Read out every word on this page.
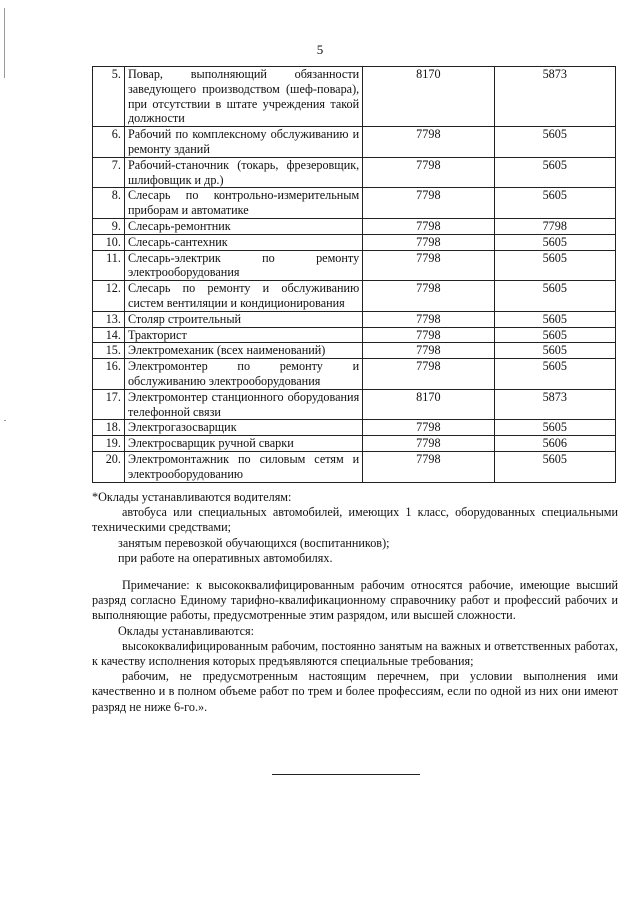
5
5.	Повар, выполняющий обязанности заведующего производством (шеф-повара), при отсутствии в штате учреждения такой должности	8170	5873
6.	Рабочий по комплексному обслуживанию и ремонту зданий	7798	5605
7.	Рабочий-станочник (токарь, фрезеровщик, шлифовщик и др.)	7798	5605
8.	Слесарь по контрольно-измерительным приборам и автоматике	7798	5605
9.	Слесарь-ремонтник	7798	7798
10.	Слесарь-сантехник	7798	5605
11.	Слесарь-электрик по ремонту электрооборудования	7798	5605
12.	Слесарь по ремонту и обслуживанию систем вентиляции и кондиционирования	7798	5605
13.	Столяр строительный	7798	5605
14.	Тракторист	7798	5605
15.	Электромеханик (всех наименований)	7798	5605
16.	Электромонтер по ремонту и обслуживанию электрооборудования	7798	5605
17.	Электромонтер станционного оборудования телефонной связи	8170	5873
18.	Электрогазосварщик	7798	5605
19.	Электросварщик ручной сварки	7798	5606
20.	Электромонтажник по силовым сетям и электрооборудованию	7798	5605

*Оклады устанавливаются водителям:

автобуса или специальных автомобилей, имеющих 1 класс, оборудованных специальными техническими средствами;

занятым перевозкой обучающихся (воспитанников);

при работе на оперативных автомобилях.

Примечание: к высококвалифицированным рабочим относятся рабочие, имеющие высший разряд согласно Единому тарифно-квалификационному справочнику работ и профессий рабочих и выполняющие работы, предусмотренные этим разрядом, или высшей сложности.

Оклады устанавливаются:

высококвалифицированным рабочим, постоянно занятым на важных и ответственных работах, к качеству исполнения которых предъявляются специальные требования;

рабочим, не предусмотренным настоящим перечнем, при условии выполнения ими качественно и в полном объеме работ по трем и более профессиям, если по одной из них они имеют разряд не ниже 6-го.».
